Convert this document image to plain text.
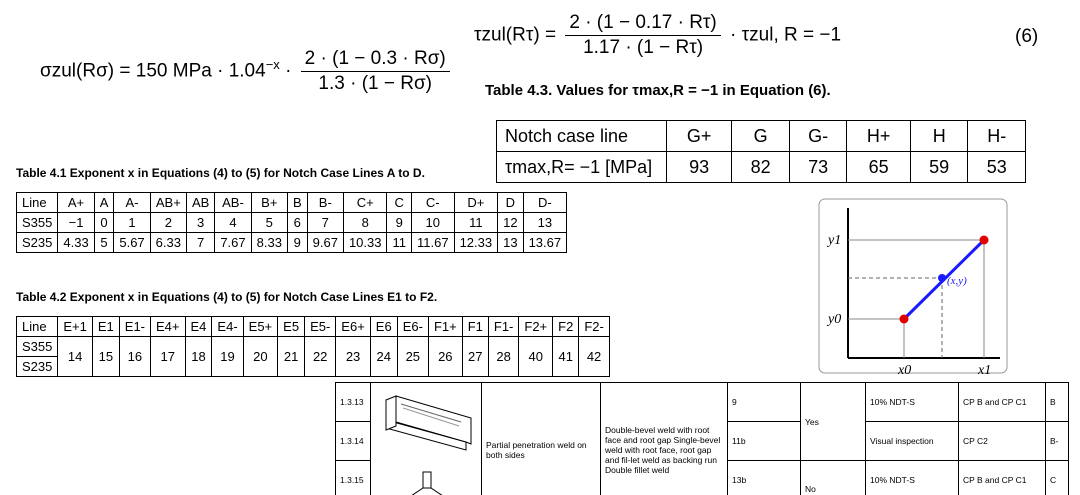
σzul(Rσ) = 150 MPa · $1.04^{-x} \cdot \frac{2 \cdot (1 - 0.3 \cdot R\sigma)}{1.3 \cdot (1 - R\sigma)}$
$\tau zul(R\tau) = \frac{2 \cdot (1 - 0.17 \cdot R\tau)}{1.17 \cdot (1 - R\tau)} \cdot \tau zul$, R = −1	(6)
Table 4.3. Values for τmax,R = −1 in Equation (6).
Notch case line	G+	G	G-	H+	H	H-
τmax,R= −1 [MPa]	93	82	73	65	59	53
Table 4.1 Exponent x in Equations (4) to (5) for Notch Case Lines A to D.
Line	A+	A	A-	AB+	AB	AB-	B+	B	B-	C+	C	C-	D+	D	D-
S355	−1	0	1	2	3	4	5	6	7	8	9	10	11	12	13
S235	4.33	5	5.67	6.33	7	7.67	8.33	9	9.67	10.33	11	11.67	12.33	13	13.67
Table 4.2 Exponent x in Equations (4) to (5) for Notch Case Lines E1 to F2.
Line	E+1	E1	E1-	E4+	E4	E4-	E5+	E5	E5-	E6+	E6	E6-	F1+	F1	F1-	F2+	F2	F2-
S355	14	15	16	17	18	19	20	21	22	23	24	25	26	27	28	40	41	42
S235																		
y1
y0
x0	x1
(x,y)
1.3.13		Partial penetration weld on both sides	Double-bevel weld with root face and root gap Single-bevel weld with root face, root gap and fil-let weld as backing run Double fillet weld	9	Yes	10% NDT-S	CP B and CP C1	B	
1.3.14				11b		Visual inspection	CP C2	B-	
1.3.15				13b	No	10% NDT-S	CP B and CP C1	C	
